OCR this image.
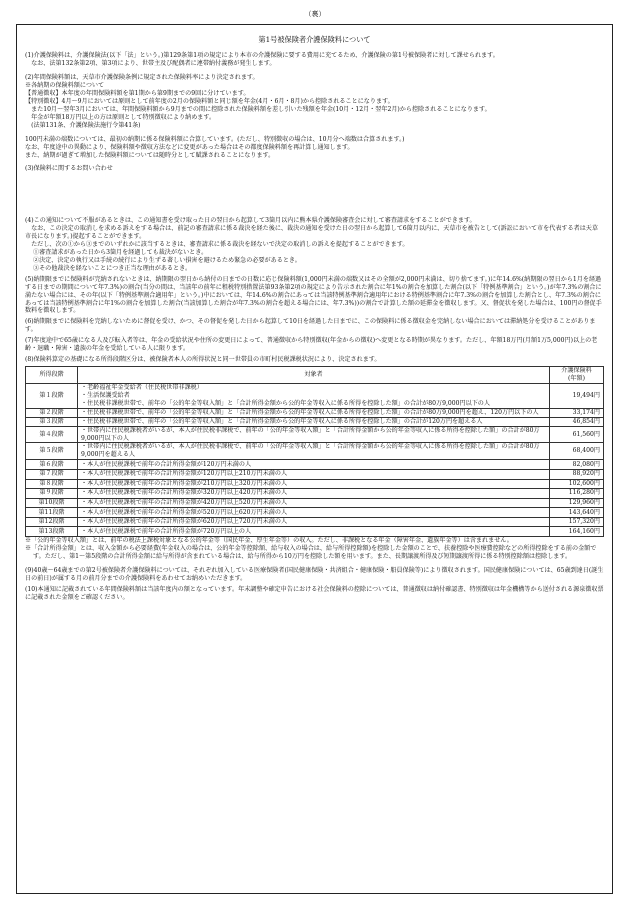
（裏）
第1号被保険者介護保険料について

(1)介護保険料は、介護保険法(以下「法」という。)第129条第1項の規定により本市の介護保険に要する費用に充てるため、介護保険の第1号被保険者に対して課せられます。

　なお、法第132条第2項、第3項により、世帯主及び配偶者に連帯納付義務が発生します。

(2)年間保険料額は、天草市介護保険条例に規定された保険料率により決定されます。

※各納期の保険料額について

【普通徴収】本年度の年間保険料額を第1期から第9期までの9回に分けています。

【特別徴収】4月～9月においては原則として前年度の2月の保険料額と同じ額を年金(4月・6月・8月)から控除されることになります。

　また10月～翌年3月においては、年間保険料額から9月までの間に控除された保険料額を差し引いた残額を年金(10月・12月・翌年2月)から控除されることになります。

　年金が年額18万円以上の方は原則として特別徴収により納めます。

　(法第131条、介護保険法施行令第41条)

100円未満の端数については、最初の納期に係る保険料額に合算しています。(ただし、特別徴収の場合は、10月分へ端数は合算されます。)

なお、年度途中の異動により、保険料額や徴収方法などに変更があった場合はその都度保険料額を再計算し通知します。

また、納期が過ぎて増加した保険料額については随時分として賦課されることになります。

(3)保険料に関するお問い合わせ

(4)この通知について不服があるときは、この通知書を受け取った日の翌日から起算して3箇月以内に熊本県介護保険審査会に対して審査請求をすることができます。

　なお、この決定の取消しを求める訴えをする場合は、前記の審査請求に係る裁決を経た後に、裁決の通知を受けた日の翌日から起算して6箇月以内に、天草市を被告として(訴訟において市を代表する者は天草市長になります。)提起することができます。

　ただし、次の①から③までのいずれかに該当するときは、審査請求に係る裁決を経ないで決定の取消しの訴えを提起することができます。

①審査請求があった日から3箇月を経過しても裁決がないとき。

②決定、決定の執行又は手続の続行により生ずる著しい損害を避けるため緊急の必要があるとき。

③その他裁決を経ないことにつき正当な理由があるとき。

(5)納期限までに保険料が完納されないときは、納期限の翌日から納付の日までの日数に応じ保険料額(1,000円未満の端数又はその全額が2,000円未満は、切り捨てます。)に年14.6%(納期限の翌日から1月を経過する日までの期間について年7.3%)の割合(当分の間は、当該年の前年に租税特別措置法第93条第2項の規定により告示された割合に年1%の割合を加算した割合(以下「特例基準割合」という。)が年7.3%の割合に満たない場合には、その年(以下「特例基準割合適用年」という。)中においては、年14.6%の割合にあっては当該特例基準割合適用年における特例基準割合に年7.3%の割合を加算した割合とし、年7.3%の割合にあっては当該特例基準割合に年1%の割合を加算した割合(当該加算した割合が年7.3%の割合を超える場合には、年7.3%))の割合で計算した額の延滞金を徴収します。又、督促状を発した場合は、100円の督促手数料を徴収します。

(6)納期限までに保険料を完納しないために督促を受け、かつ、その督促を発した日から起算して10日を経過した日までに、この保険料に係る徴収金を完納しない場合においては滞納処分を受けることがあります。

(7)年度途中で65歳になる人及び転入者等は、年金の受給状況や住所の変更日によって、普通徴収から特別徴収(年金からの徴収)へ変更となる時期が異なります。ただし、年額18万円(月額1万5,000円)以上の老齢・退職・障害・遺族の年金を受給している人に限ります。

(8)保険料算定の基礎になる所得段階区分は、被保険者本人の所得状況と同一世帯員の市町村民税課税状況により、決定されます。

所得段階	対象者	介護保険料
(年額)
第１段階	・老齢福祉年金受給者（住民税世帯非課税）
・生活保護受給者
・住民税非課税世帯で、前年の「公的年金等収入額」と「合計所得金額から公的年金等収入に係る所得を控除した額」の合計が80万9,000円以下の人	19,494円
第２段階	・住民税非課税世帯で、前年の「公的年金等収入額」と「合計所得金額から公的年金等収入に係る所得を控除した額」の合計が80万9,000円を超え、120万円以下の人	33,174円
第３段階	・住民税非課税世帯で、前年の「公的年金等収入額」と「合計所得金額から公的年金等収入に係る所得を控除した額」の合計が120万円を超える人	46,854円
第４段階	・世帯内に住民税課税者がいるが、本人が住民税非課税で、前年の「公的年金等収入額」と「合計所得金額から公的年金等収入に係る所得を控除した額」の合計が80万9,000円以下の人	61,560円
第５段階	・世帯内に住民税課税者がいるが、本人が住民税非課税で、前年の「公的年金等収入額」と「合計所得金額から公的年金等収入に係る所得を控除した額」の合計が80万9,000円を超える人	68,400円
第６段階	・本人が住民税課税で前年の合計所得金額が120万円未満の人	82,080円
第７段階	・本人が住民税課税で前年の合計所得金額が120万円以上210万円未満の人	88,920円
第８段階	・本人が住民税課税で前年の合計所得金額が210万円以上320万円未満の人	102,600円
第９段階	・本人が住民税課税で前年の合計所得金額が320万円以上420万円未満の人	116,280円
第10段階	・本人が住民税課税で前年の合計所得金額が420万円以上520万円未満の人	129,960円
第11段階	・本人が住民税課税で前年の合計所得金額が520万円以上620万円未満の人	143,640円
第12段階	・本人が住民税課税で前年の合計所得金額が620万円以上720万円未満の人	157,320円
第13段階	・本人が住民税課税で前年の合計所得金額が720万円以上の人	164,160円

※「公的年金等収入額」とは、前年の税法上課税対象となる公的年金等（国民年金、厚生年金等）の収入。ただし、非課税となる年金（障害年金、遺族年金等）は含まれません。

※「合計所得金額」とは、収入金額から必要経費(年金収入の場合は、公的年金等控除額、給与収入の場合は、給与所得控除額)を控除した金額のことで、扶養控除や医療費控除などの所得控除をする前の金額です。ただし、第1～第5段階の合計所得金額に給与所得が含まれている場合は、給与所得から10万円を控除した額を用います。また、長期譲渡所得及び短期譲渡所得に係る特別控除額は控除します。

(9)40歳～64歳までの第2号被保険者介護保険料については、それぞれ加入している医療保険者(国民健康保険・共済組合・健康保険・船員保険等)により徴収されます。国民健康保険については、65歳到達日(誕生日の前日)が属する月の前月分までの介護保険料をあわせてお納めいただきます。

(10)本通知に記載されている年間保険料額は当該年度内の額となっています。年末調整や確定申告における社会保険料の控除については、普通徴収は納付確認書、特別徴収は年金機構等から送付される源泉徴収票に記載された金額をご確認ください。
